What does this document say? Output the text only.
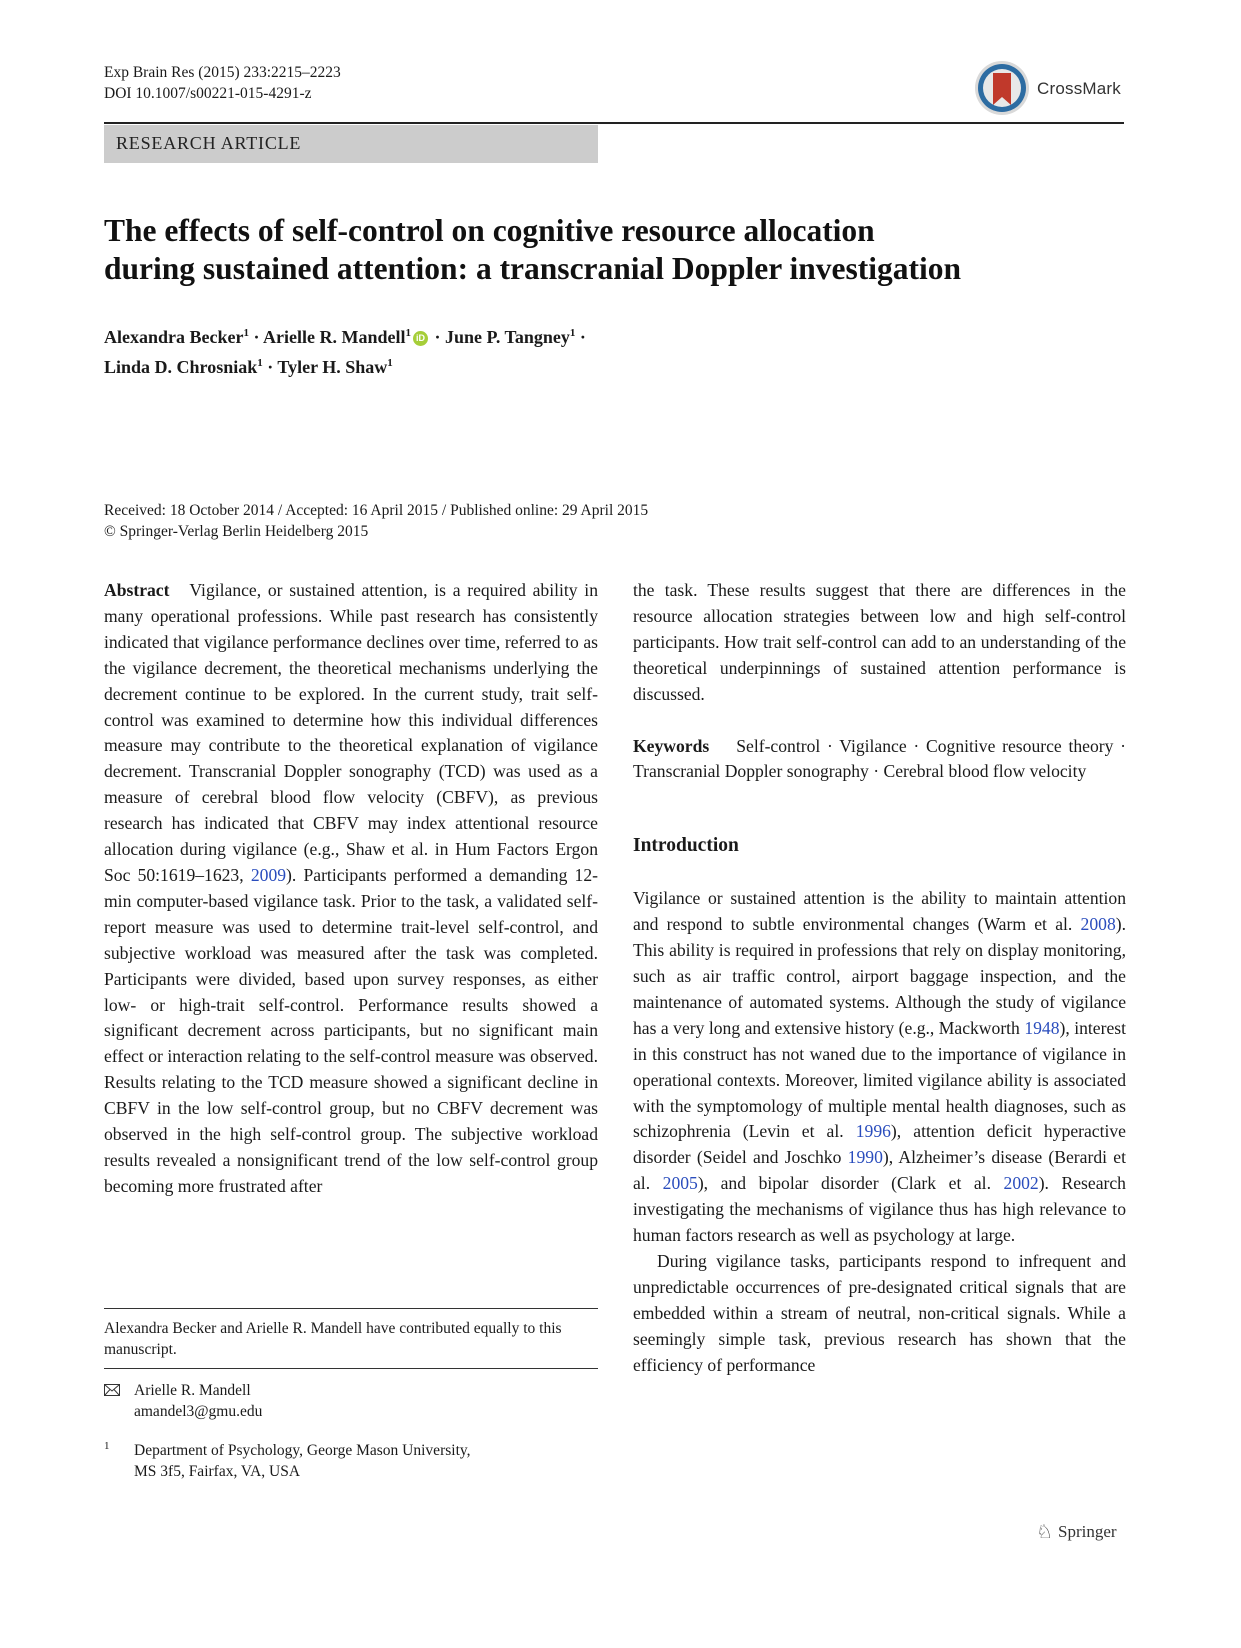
Exp Brain Res (2015) 233:2215–2223
DOI 10.1007/s00221-015-4291-z	CrossMark
RESEARCH ARTICLE
The effects of self-control on cognitive resource allocation
during sustained attention: a transcranial Doppler investigation
Alexandra Becker$^1$ · Arielle R. Mandell$^1$ iD · June P. Tangney$^1$ ·
Linda D. Chrosniak$^1$ · Tyler H. Shaw$^1$
Received: 18 October 2014 / Accepted: 16 April 2015 / Published online: 29 April 2015
© Springer-Verlag Berlin Heidelberg 2015

Abstract Vigilance, or sustained attention, is a required ability in many operational professions. While past research has consistently indicated that vigilance performance declines over time, referred to as the vigilance decrement, the theoretical mechanisms underlying the decrement continue to be explored. In the current study, trait self-control was examined to determine how this individual differences measure may contribute to the theoretical explanation of vigilance decrement. Transcranial Doppler sonography (TCD) was used as a measure of cerebral blood flow velocity (CBFV), as previous research has indicated that CBFV may index attentional resource allocation during vigilance (e.g., Shaw et al. in Hum Factors Ergon Soc 50:1619–1623, 2009). Participants performed a demanding 12-min computer-based vigilance task. Prior to the task, a validated self-report measure was used to determine trait-level self-control, and subjective workload was measured after the task was completed. Participants were divided, based upon survey responses, as either low- or high-trait self-control. Performance results showed a significant decrement across participants, but no significant main effect or interaction relating to the self-control measure was observed. Results relating to the TCD measure showed a significant decline in CBFV in the low self-control group, but no CBFV decrement was observed in the high self-control group. The subjective workload results revealed a nonsignificant trend of the low self-control group becoming more frustrated after

the task. These results suggest that there are differences in the resource allocation strategies between low and high self-control participants. How trait self-control can add to an understanding of the theoretical underpinnings of sustained attention performance is discussed.

Keywords Self-control · Vigilance · Cognitive resource theory · Transcranial Doppler sonography · Cerebral blood flow velocity

Introduction

Vigilance or sustained attention is the ability to maintain attention and respond to subtle environmental changes (Warm et al. 2008). This ability is required in professions that rely on display monitoring, such as air traffic control, airport baggage inspection, and the maintenance of automated systems. Although the study of vigilance has a very long and extensive history (e.g., Mackworth 1948), interest in this construct has not waned due to the importance of vigilance in operational contexts. Moreover, limited vigilance ability is associated with the symptomology of multiple mental health diagnoses, such as schizophrenia (Levin et al. 1996), attention deficit hyperactive disorder (Seidel and Joschko 1990), Alzheimer’s disease (Berardi et al. 2005), and bipolar disorder (Clark et al. 2002). Research investigating the mechanisms of vigilance thus has high relevance to human factors research as well as psychology at large.

During vigilance tasks, participants respond to infrequent and unpredictable occurrences of pre-designated critical signals that are embedded within a stream of neutral, non-critical signals. While a seemingly simple task, previous research has shown that the efficiency of performance

Alexandra Becker and Arielle R. Mandell have contributed equally to this manuscript.
Arielle R. Mandell
amandel3@gmu.edu
1 Department of Psychology, George Mason University,
MS 3f5, Fairfax, VA, USA
♘ Springer
